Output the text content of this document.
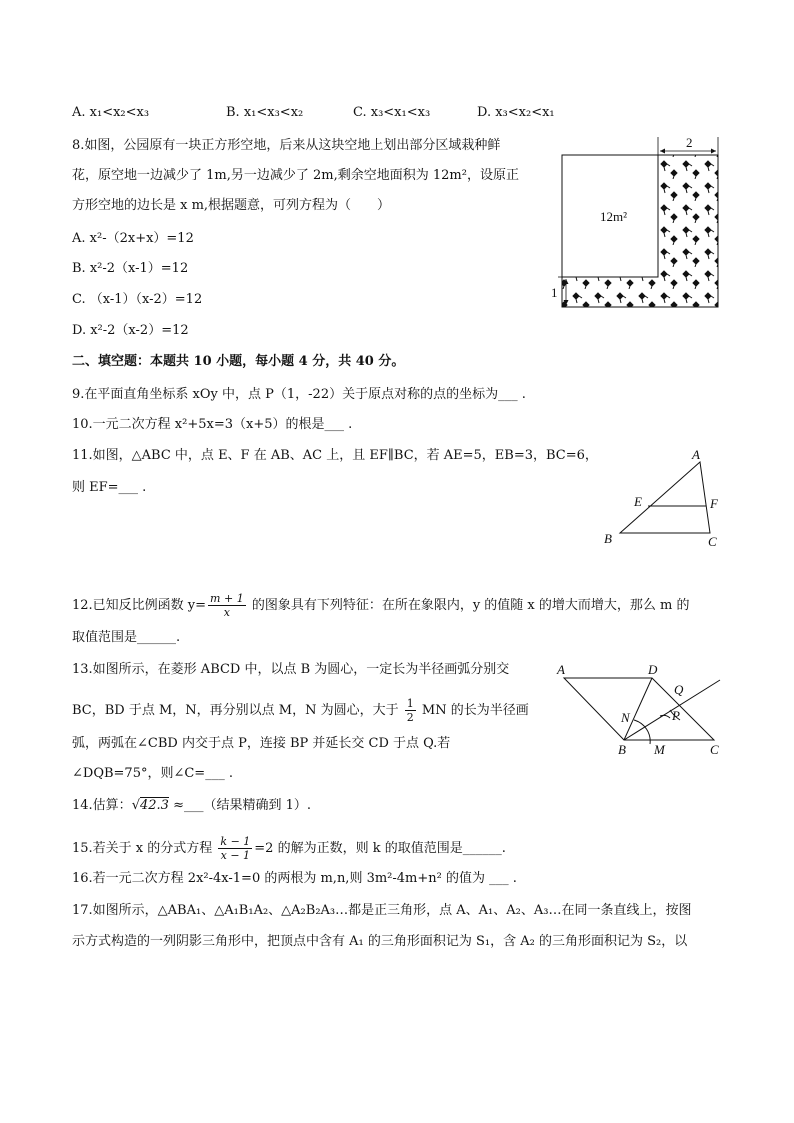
A. x₁<x₂<x₃	B. x₁<x₃<x₂	C. x₃<x₁<x₃	D. x₃<x₂<x₁
8.如图，公园原有一块正方形空地，后来从这块空地上划出部分区域栽种鲜
花，原空地一边减少了 1m,另一边减少了 2m,剩余空地面积为 12m²，设原正
方形空地的边长是 x m,根据题意，可列方程为（　　）
A. x²-（2x+x）=12
B. x²-2（x-1）=12
C. （x-1）（x-2）=12
D. x²-2（x-2）=12
2
1
12m²
二、填空题：本题共 10 小题，每小题 4 分，共 40 分。
9.在平面直角坐标系 xOy 中，点 P（1，-22）关于原点对称的点的坐标为___ .
10.一元二次方程 x²+5x=3（x+5）的根是___ .
11.如图，△ABC 中，点 E、F 在 AB、AC 上，且 EF∥BC，若 AE=5，EB=3，BC=6，
则 EF=___ .
A
E	F
B	C
12.已知反比例函数 $y= \frac{m + 1}{x}$ 的图象具有下列特征：在所在象限内，y 的值随 x 的增大而增大，那么 m 的
取值范围是______.
13.如图所示，在菱形 ABCD 中，以点 B 为圆心，一定长为半径画弧分别交
BC，BD 于点 M，N，再分别以点 M，N 为圆心，大于 $\frac{1}{2}$ MN 的长为半径画
弧，两弧在∠CBD 内交于点 P，连接 BP 并延长交 CD 于点 Q.若
∠DQB=75°，则∠C=___ .
A	D
Q
N	P
B M	C
14.估算：√42.3 ≈___（结果精确到 1）.
15.若关于 x 的分式方程 $\frac{k - 1}{x - 1} =2$ 的解为正数，则 k 的取值范围是______.
16.若一元二次方程 2x²-4x-1=0 的两根为 m,n,则 3m²-4m+n² 的值为 ___ .
17.如图所示，△ABA₁、△A₁B₁A₂、△A₂B₂A₃…都是正三角形，点 A、A₁、A₂、A₃…在同一条直线上，按图
示方式构造的一列阴影三角形中，把顶点中含有 A₁ 的三角形面积记为 S₁，含 A₂ 的三角形面积记为 S₂，以
